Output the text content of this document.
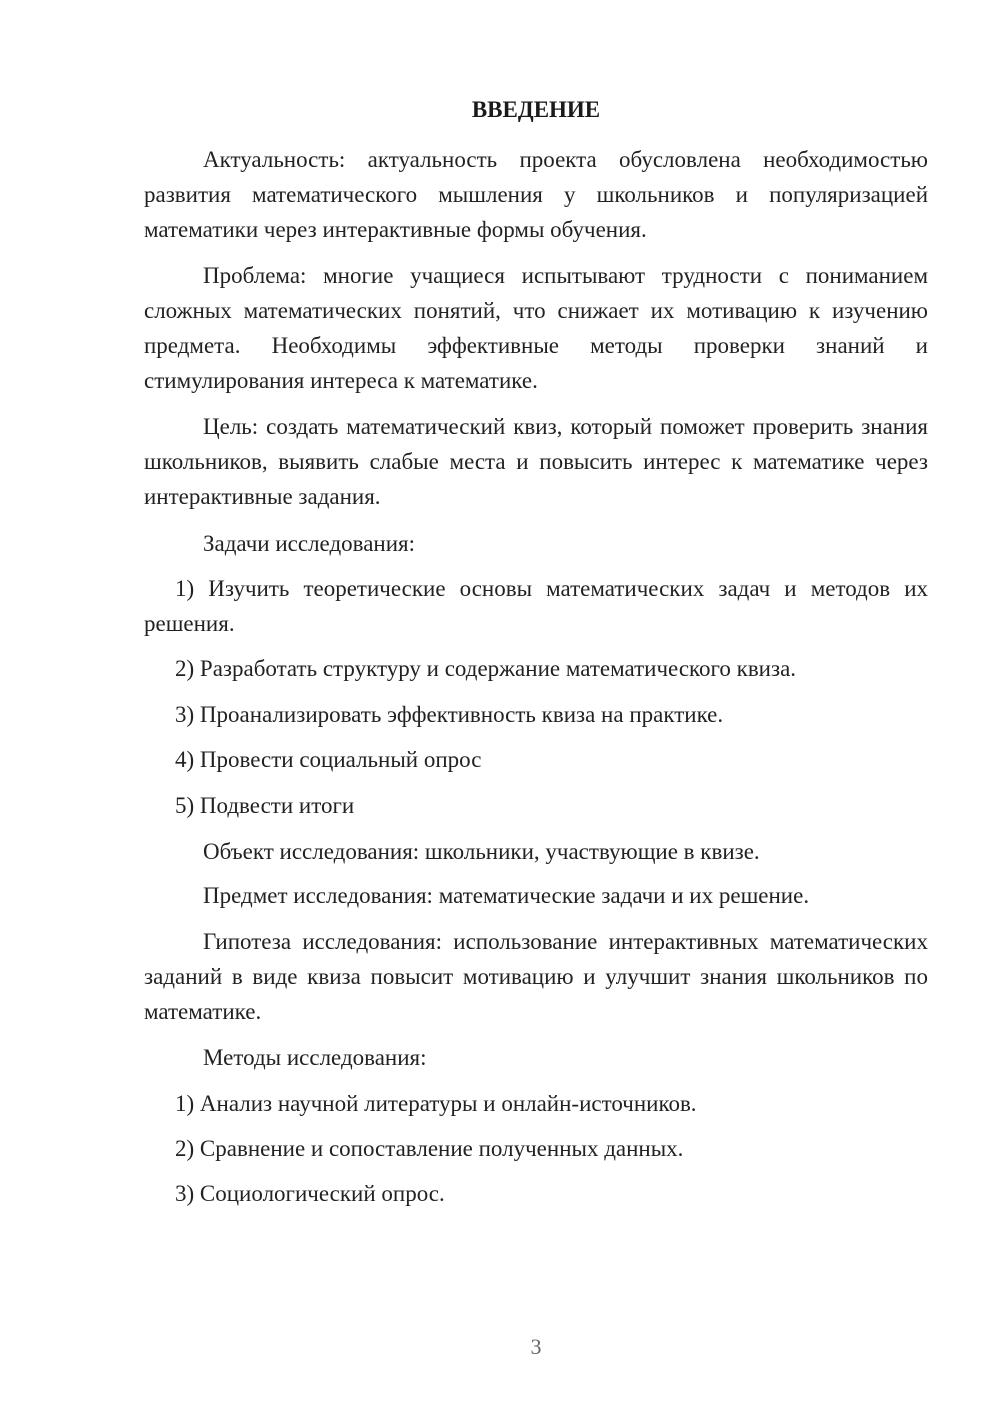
ВВЕДЕНИЕ

Актуальность: актуальность проекта обусловлена необходимостью развития математического мышления у школьников и популяризацией математики через интерактивные формы обучения.

Проблема: многие учащиеся испытывают трудности с пониманием сложных математических понятий, что снижает их мотивацию к изучению предмета. Необходимы эффективные методы проверки знаний и стимулирования интереса к математике.

Цель: создать математический квиз, который поможет проверить знания школьников, выявить слабые места и повысить интерес к математике через интерактивные задания.

Задачи исследования:

1) Изучить теоретические основы математических задач и методов их решения.

2) Разработать структуру и содержание математического квиза.

3) Проанализировать эффективность квиза на практике.

4) Провести социальный опрос

5) Подвести итоги

Объект исследования: школьники, участвующие в квизе.

Предмет исследования: математические задачи и их решение.

Гипотеза исследования: использование интерактивных математических заданий в виде квиза повысит мотивацию и улучшит знания школьников по математике.

Методы исследования:

1) Анализ научной литературы и онлайн-источников.

2) Сравнение и сопоставление полученных данных.

3) Социологический опрос.

3
